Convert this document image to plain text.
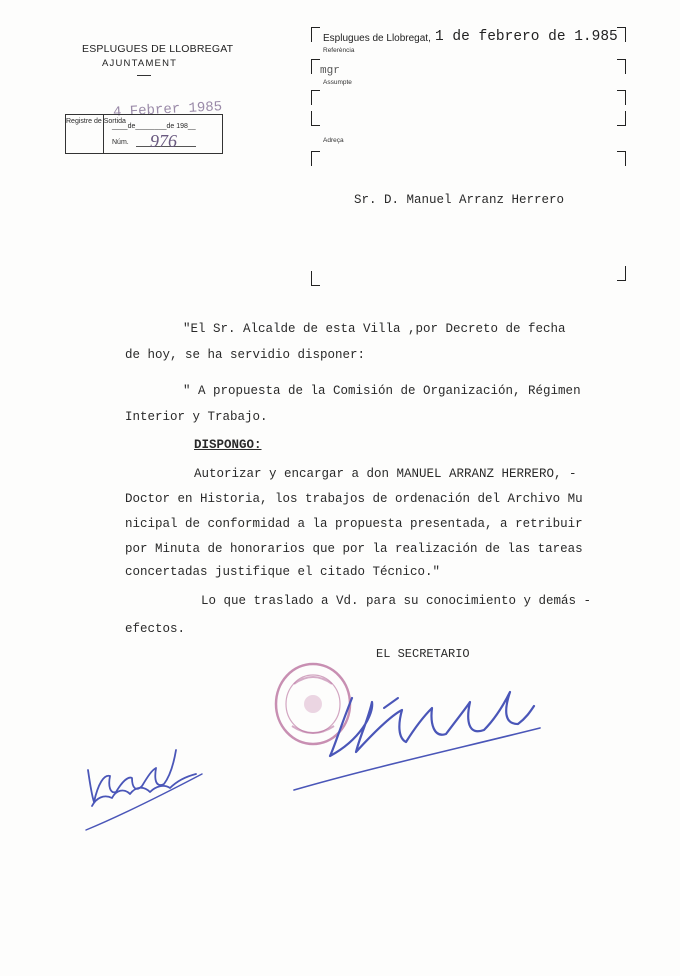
ESPLUGUES DE LLOBREGAT
AJUNTAMENT
4 Febrer 1985
Registre de Sortida
____de________de 198__
Núm. 976
Esplugues de Llobregat, 1 de febrero de 1.985
Referència
mgr
Assumpte
Adreça
Sr. D. Manuel Arranz Herrero
"El Sr. Alcalde de esta Villa ,por Decreto de fecha
de hoy, se ha servidio disponer:
" A propuesta de la Comisión de Organización, Régimen
Interior y Trabajo.
DISPONGO:
Autorizar y encargar a don MANUEL ARRANZ HERRERO, -
Doctor en Historia, los trabajos de ordenación del Archivo Mu
nicipal de conformidad a la propuesta presentada, a retribuir
por Minuta de honorarios que por la realización de las tareas
concertadas justifique el citado Técnico."
Lo que traslado a Vd. para su conocimiento y demás -
efectos.
EL SECRETARIO
